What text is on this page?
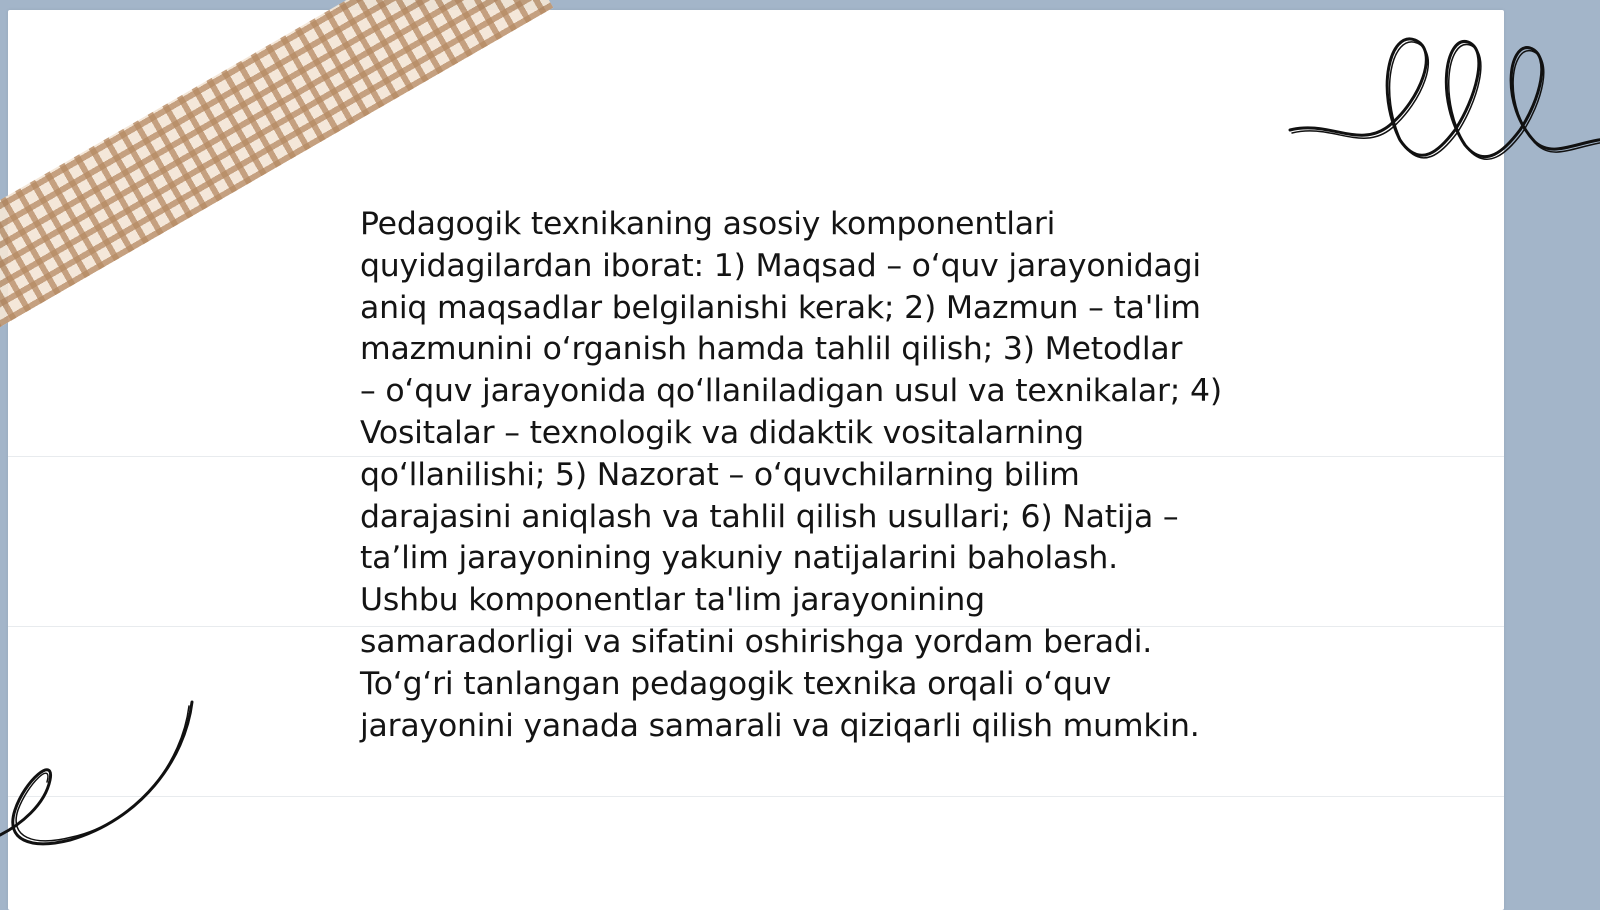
Pedagogik texnikaning asosiy komponentlari
quyidagilardan iborat: 1) Maqsad – oʻquv jarayonidagi
aniq maqsadlar belgilanishi kerak; 2) Mazmun – ta'lim
mazmunini oʻrganish hamda tahlil qilish; 3) Metodlar
– oʻquv jarayonida qoʻllaniladigan usul va texnikalar; 4)
Vositalar – texnologik va didaktik vositalarning
qoʻllanilishi; 5) Nazorat – oʻquvchilarning bilim
darajasini aniqlash va tahlil qilish usullari; 6) Natija –
taʼlim jarayonining yakuniy natijalarini baholash.
Ushbu komponentlar ta'lim jarayonining
samaradorligi va sifatini oshirishga yordam beradi.
Toʻgʻri tanlangan pedagogik texnika orqali oʻquv
jarayonini yanada samarali va qiziqarli qilish mumkin.
